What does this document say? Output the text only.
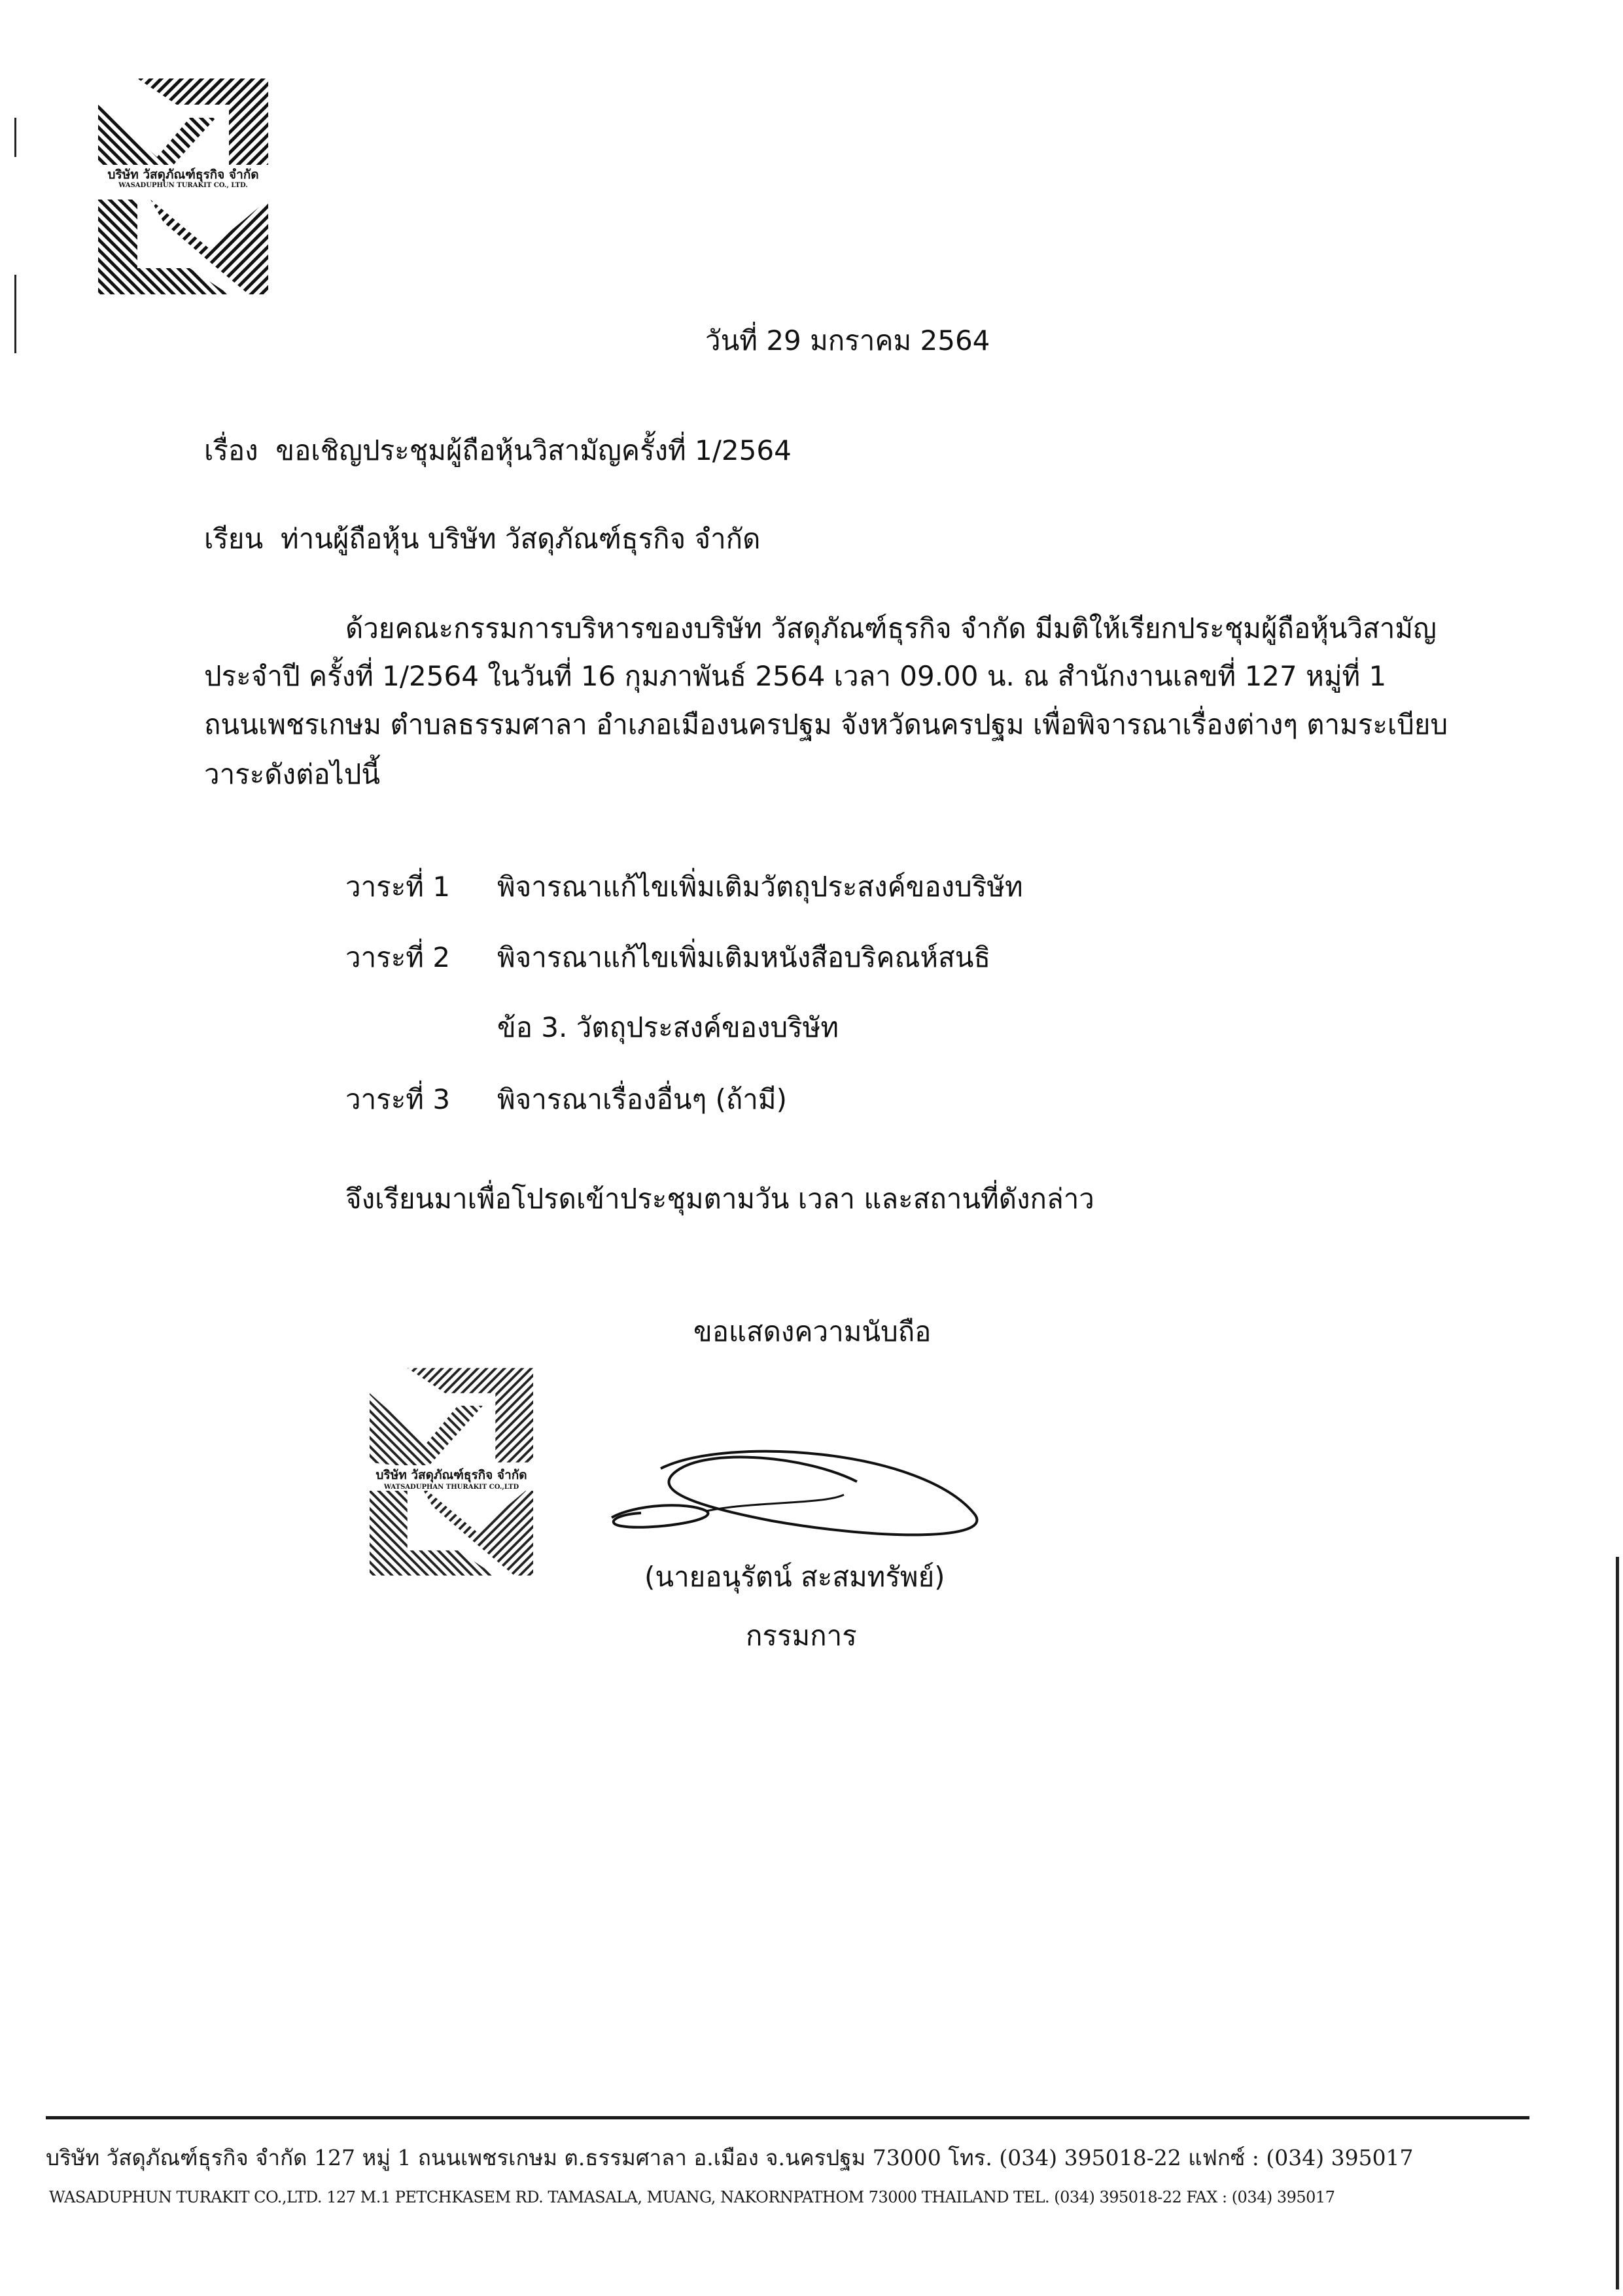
บริษัท วัสดุภัณฑ์ธุรกิจ จำกัด
WASADUPHUN TURAKIT CO., LTD.
วันที่ 29 มกราคม 2564
เรื่อง ขอเชิญประชุมผู้ถือหุ้นวิสามัญครั้งที่ 1/2564
เรียน ท่านผู้ถือหุ้น บริษัท วัสดุภัณฑ์ธุรกิจ จำกัด
ด้วยคณะกรรมการบริหารของบริษัท วัสดุภัณฑ์ธุรกิจ จำกัด มีมติให้เรียกประชุมผู้ถือหุ้นวิสามัญ
ประจำปี ครั้งที่ 1/2564 ในวันที่ 16 กุมภาพันธ์ 2564 เวลา 09.00 น. ณ สำนักงานเลขที่ 127 หมู่ที่ 1
ถนนเพชรเกษม ตำบลธรรมศาลา อำเภอเมืองนครปฐม จังหวัดนครปฐม เพื่อพิจารณาเรื่องต่างๆ ตามระเบียบ
วาระดังต่อไปนี้
วาระที่ 1 พิจารณาแก้ไขเพิ่มเติมวัตถุประสงค์ของบริษัท
วาระที่ 2 พิจารณาแก้ไขเพิ่มเติมหนังสือบริคณห์สนธิ
ข้อ 3. วัตถุประสงค์ของบริษัท
วาระที่ 3 พิจารณาเรื่องอื่นๆ (ถ้ามี)
จึงเรียนมาเพื่อโปรดเข้าประชุมตามวัน เวลา และสถานที่ดังกล่าว
ขอแสดงความนับถือ
บริษัท วัสดุภัณฑ์ธุรกิจ จำกัด
WATSADUPHAN THURAKIT CO.,LTD
(นายอนุรัตน์ สะสมทรัพย์)
กรรมการ
บริษัท วัสดุภัณฑ์ธุรกิจ จำกัด 127 หมู่ 1 ถนนเพชรเกษม ต.ธรรมศาลา อ.เมือง จ.นครปฐม 73000 โทร. (034) 395018-22 แฟกซ์ : (034) 395017
WASADUPHUN TURAKIT CO.,LTD. 127 M.1 PETCHKASEM RD. TAMASALA, MUANG, NAKORNPATHOM 73000 THAILAND TEL. (034) 395018-22 FAX : (034) 395017
